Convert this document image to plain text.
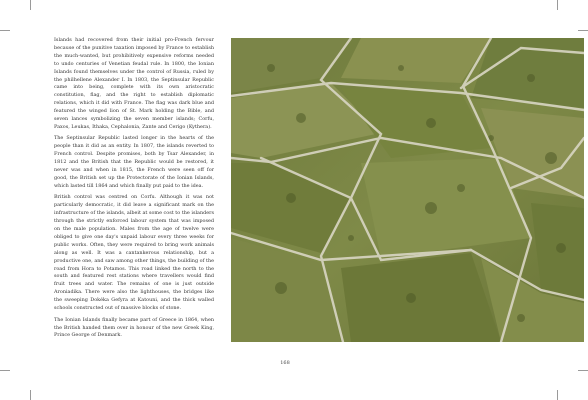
Islands had recovered from their initial pro-French fervour because of the punitive taxation imposed by France to establish the much-wanted, but prohibitively expensive reforms needed to undo centuries of Venetian feudal rule. In 1800, the Ionian Islands found themselves under the control of Russia, ruled by the philhellene Alexander I. In 1803, the Septinsular Republic came into being, complete with its own aristocratic constitution, flag, and the right to establish diplomatic relations, which it did with France. The flag was dark blue and featured the winged lion of St. Mark holding the Bible, and seven lances symbolizing the seven member islands; Corfu, Paxos, Leukas, Ithaka, Cephalonia, Zante and Cerigo (Kythera).

The Septinsular Republic lasted longer in the hearts of the people than it did as an entity. In 1807, the islands reverted to French control. Despite promises, both by Tsar Alexander, in 1812 and the British that the Republic would be restored, it never was and when in 1815, the French were seen off for good, the British set up the Protectorate of the Ionian Islands, which lasted till 1864 and which finally put paid to the idea.

British control was centred on Corfu. Although it was not particularly democratic, it did leave a significant mark on the infrastructure of the islands, albeit at some cost to the islanders through the strictly enforced labour system that was imposed on the male population. Males from the age of twelve were obliged to give one day's unpaid labour every three weeks for public works. Often, they were required to bring work animals along as well. It was a cantankerous relationship, but a productive one, and saw among other things, the building of the road from Hora to Potamos. This road linked the north to the south and featured rest stations where travellers would find fruit trees and water. The remains of one is just outside Aroniadika. There were also the lighthouses, the bridges like the sweeping Dokéka Gefyra at Katouni, and the thick walled schools constructed out of massive blocks of stone.

The Ionian Islands finally became part of Greece in 1864, when the British handed them over in honour of the new Greek King, Prince George of Denmark.

168
